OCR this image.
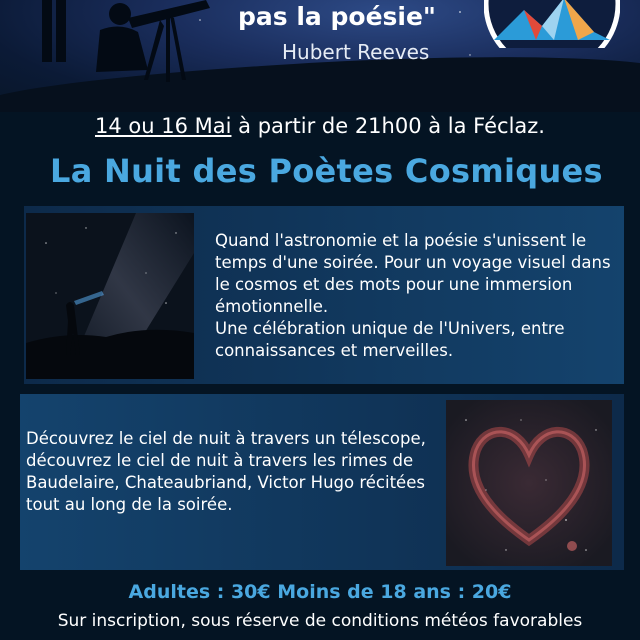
pas la poésie"
Hubert Reeves
14 ou 16 Mai à partir de 21h00 à la Féclaz.
La Nuit des Poètes Cosmiques
Quand l'astronomie et la poésie s'unissent le temps d'une soirée. Pour un voyage visuel dans le cosmos et des mots pour une immersion émotionnelle.
Une célébration unique de l'Univers, entre connaissances et merveilles.
Découvrez le ciel de nuit à travers un télescope, découvrez le ciel de nuit à travers les rimes de Baudelaire, Chateaubriand, Victor Hugo récitées tout au long de la soirée.
Adultes : 30€ Moins de 18 ans : 20€
Sur inscription, sous réserve de conditions météos favorables
